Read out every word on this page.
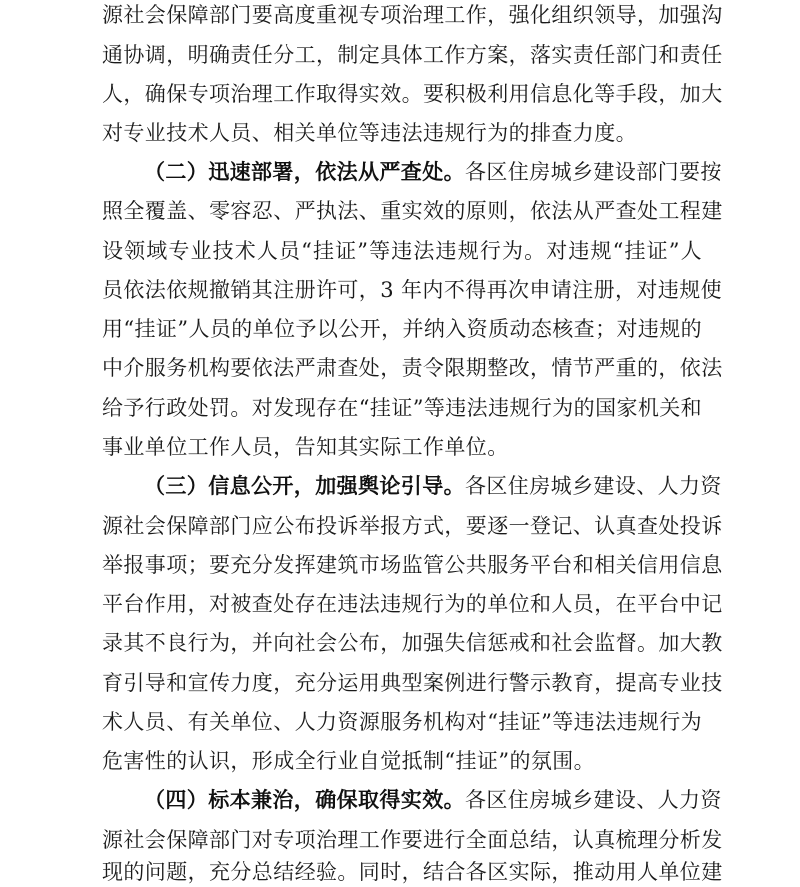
源社会保障部门要高度重视专项治理工作，强化组织领导，加强沟
通协调，明确责任分工，制定具体工作方案，落实责任部门和责任
人，确保专项治理工作取得实效。要积极利用信息化等手段，加大
对专业技术人员、相关单位等违法违规行为的排查力度。
（二）迅速部署，依法从严查处。各区住房城乡建设部门要按
照全覆盖、零容忍、严执法、重实效的原则，依法从严查处工程建
设领域专业技术人员“挂证”等违法违规行为。对违规“挂证”人
员依法依规撤销其注册许可，3 年内不得再次申请注册，对违规使
用“挂证”人员的单位予以公开，并纳入资质动态核查；对违规的
中介服务机构要依法严肃查处，责令限期整改，情节严重的，依法
给予行政处罚。对发现存在“挂证”等违法违规行为的国家机关和
事业单位工作人员，告知其实际工作单位。
（三）信息公开，加强舆论引导。各区住房城乡建设、人力资
源社会保障部门应公布投诉举报方式，要逐一登记、认真查处投诉
举报事项；要充分发挥建筑市场监管公共服务平台和相关信用信息
平台作用，对被查处存在违法违规行为的单位和人员，在平台中记
录其不良行为，并向社会公布，加强失信惩戒和社会监督。加大教
育引导和宣传力度，充分运用典型案例进行警示教育，提高专业技
术人员、有关单位、人力资源服务机构对“挂证”等违法违规行为
危害性的认识，形成全行业自觉抵制“挂证”的氛围。
（四）标本兼治，确保取得实效。各区住房城乡建设、人力资
源社会保障部门对专项治理工作要进行全面总结，认真梳理分析发
现的问题，充分总结经验。同时，结合各区实际，推动用人单位建
